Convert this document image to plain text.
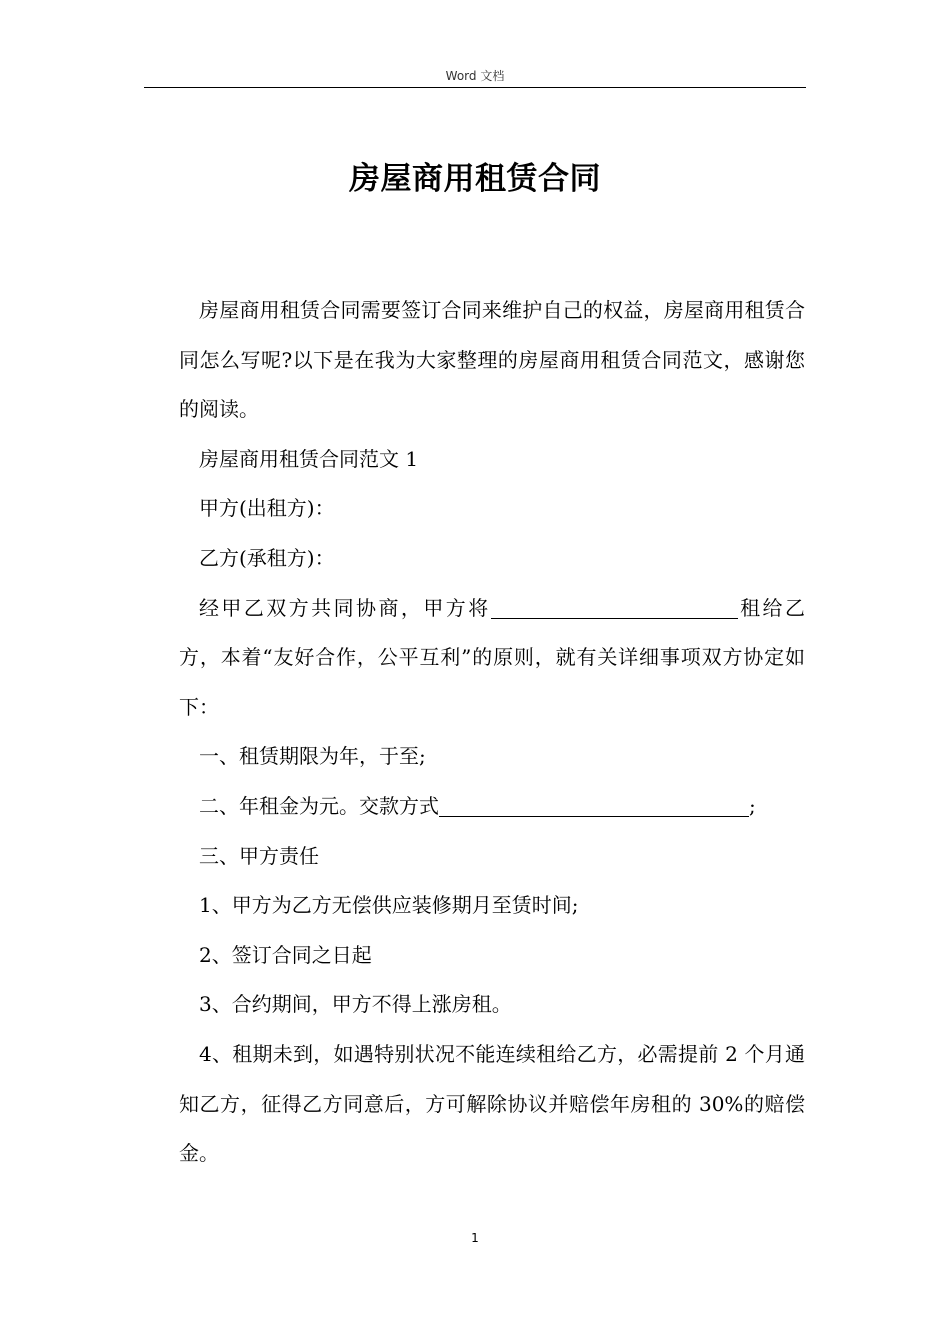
Word 文档
房屋商用租赁合同

房屋商用租赁合同需要签订合同来维护自己的权益，房屋商用租赁合同怎么写呢?以下是在我为大家整理的房屋商用租赁合同范文，感谢您的阅读。

房屋商用租赁合同范文 1

甲方(出租方)：

乙方(承租方)：

经甲乙双方共同协商，甲方将	租给乙方，本着“友好合作，公平互利”的原则，就有关详细事项双方协定如下：

一、租赁期限为年，于至;

二、年租金为元。交款方式	;

三、甲方责任

1、甲方为乙方无偿供应装修期月至赁时间;

2、签订合同之日起

3、合约期间，甲方不得上涨房租。

4、租期未到，如遇特别状况不能连续租给乙方，必需提前 2 个月通知乙方，征得乙方同意后，方可解除协议并赔偿年房租的 30%的赔偿金。

1
